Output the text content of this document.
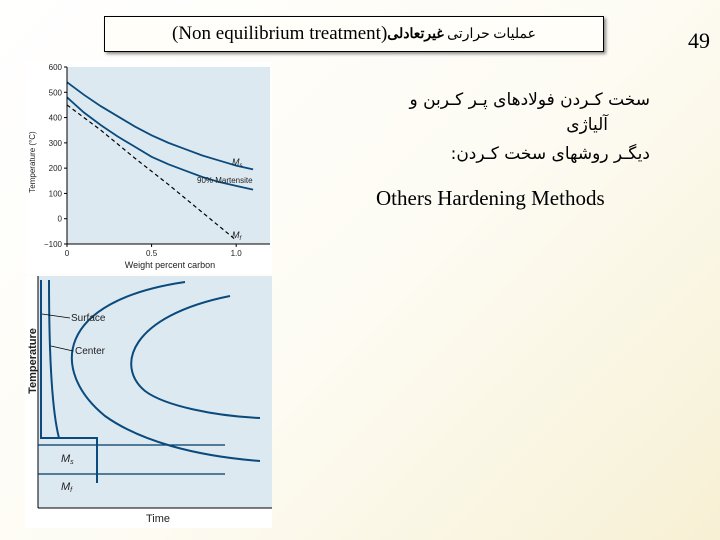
(Non equilibrium treatment)	عملیات حرارتی غیرتعادلی	49
سخت کـردن فولادهای پـر کـربن و
آلیاژی
دیگـر روشهای سخت کـردن:
Others Hardening Methods
600
500
400
300
200
100
0
−100
0	0.5	1.0
Temperature (°C)
Weight percent carbon
$M_s$
90% Martensite
$M_f$
Surface
Center
Ms
Mf
Temperature
Time
